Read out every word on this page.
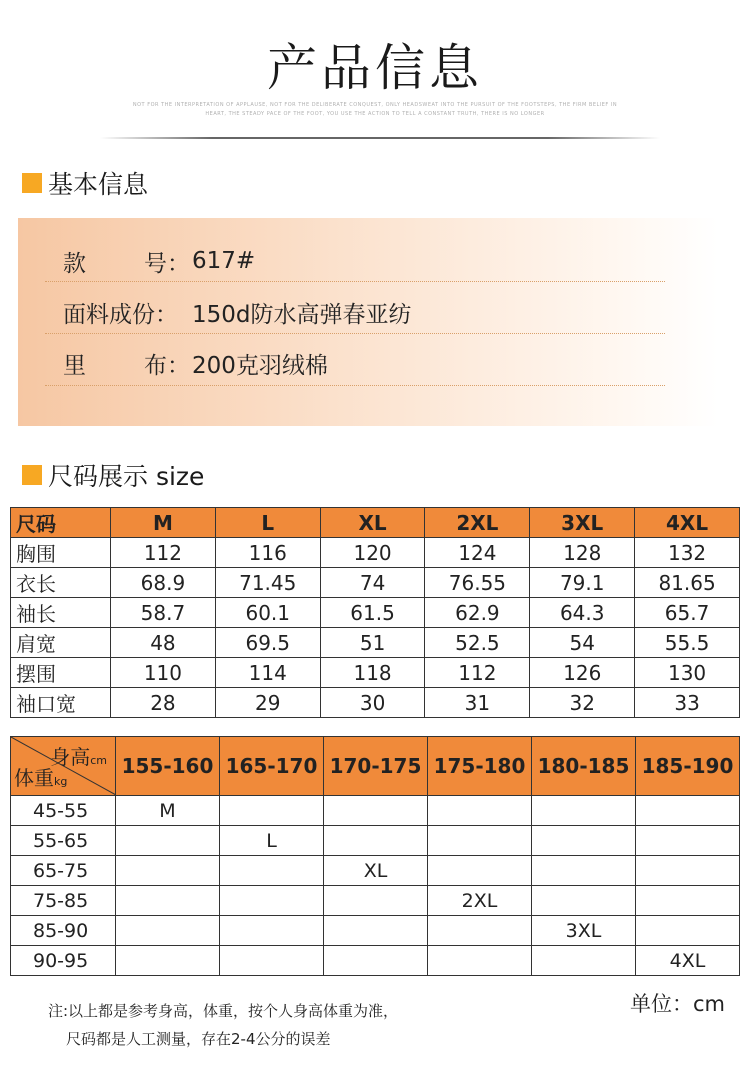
产品信息
NOT FOR THE INTERPRETATION OF APPLAUSE, NOT FOR THE DELIBERATE CONQUEST, ONLY HEADSWEAT INTO THE PURSUIT OF THE FOOTSTEPS, THE FIRM BELIEF IN
HEART, THE STEADY PACE OF THE FOOT, YOU USE THE ACTION TO TELL A CONSTANT TRUTH, THERE IS NO LONGER
基本信息
款	号： 617#
面料成份： 150d防水高弹春亚纺
里	布： 200克羽绒棉
尺码展示 size
尺码	M	L	XL	2XL	3XL	4XL
胸围	112	116	120	124	128	132
衣长	68.9	71.45	74	76.55	79.1	81.65
袖长	58.7	60.1	61.5	62.9	64.3	65.7
肩宽	48	69.5	51	52.5	54	55.5
摆围	110	114	118	112	126	130
袖口宽	28	29	30	31	32	33
身高cm
体重kg	155-160	165-170	170-175	175-180	180-185	185-190
45-55	M					
55-65		L				
65-75			XL			
75-85				2XL		
85-90					3XL	
90-95						4XL
注:以上都是参考身高，体重，按个人身高体重为准，
尺码都是人工测量，存在2-4公分的误差
单位：cm
